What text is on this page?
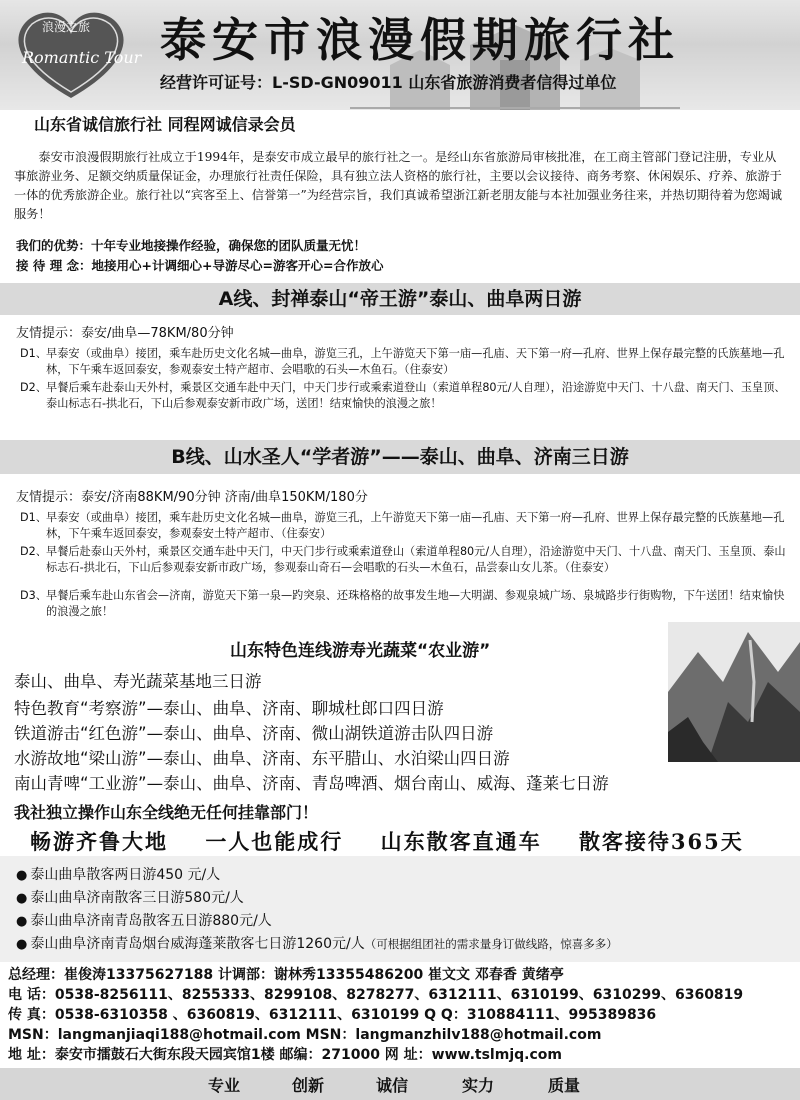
浪漫之旅
Romantic Tour 泰安市浪漫假期旅行社
经营许可证号：L-SD-GN09011 山东省旅游消费者信得过单位
山东省诚信旅行社 同程网诚信录会员

泰安市浪漫假期旅行社成立于1994年，是泰安市成立最早的旅行社之一。是经山东省旅游局审核批准，在工商主管部门登记注册，专业从事旅游业务、足额交纳质量保证金，办理旅行社责任保险，具有独立法人资格的旅行社，主要以会议接待、商务考察、休闲娱乐、疗养、旅游于一体的优秀旅游企业。旅行社以“宾客至上、信誉第一”为经营宗旨，我们真诚希望浙江新老朋友能与本社加强业务往来，并热切期待着为您竭诚服务！

我们的优势：十年专业地接操作经验，确保您的团队质量无忧！
接 待 理 念：地接用心+计调细心+导游尽心=游客开心=合作放心
A线、封禅泰山“帝王游”泰山、曲阜两日游
友情提示：泰安/曲阜—78KM/80分钟
D1、 早泰安（或曲阜）接团，乘车赴历史文化名城—曲阜，游览三孔，上午游览天下第一庙—孔庙、天下第一府—孔府、世界上保存最完整的氏族墓地—孔林，下午乘车返回泰安，参观泰安土特产超市、会唱歌的石头—木鱼石。（住泰安）
D2、 早餐后乘车赴泰山天外村，乘景区交通车赴中天门，中天门步行或乘索道登山（索道单程80元/人自理），沿途游览中天门、十八盘、南天门、玉皇顶、泰山标志石-拱北石，下山后参观泰安新市政广场，送团！结束愉快的浪漫之旅！
B线、山水圣人“学者游”——泰山、曲阜、济南三日游
友情提示：泰安/济南88KM/90分钟 济南/曲阜150KM/180分
D1、 早泰安（或曲阜）接团，乘车赴历史文化名城—曲阜，游览三孔，上午游览天下第一庙—孔庙、天下第一府—孔府、世界上保存最完整的氏族墓地—孔林，下午乘车返回泰安，参观泰安土特产超市、（住泰安）
D2、 早餐后赴泰山天外村，乘景区交通车赴中天门，中天门步行或乘索道登山（索道单程80元/人自理），沿途游览中天门、十八盘、南天门、玉皇顶、泰山标志石-拱北石，下山后参观泰安新市政广场，参观泰山奇石—会唱歌的石头—木鱼石，品尝泰山女儿茶。（住泰安）
D3、 早餐后乘车赴山东省会—济南，游览天下第一泉—趵突泉、还珠格格的故事发生地—大明湖、参观泉城广场、泉城路步行街购物，下午送团！结束愉快的浪漫之旅！
山东特色连线游寿光蔬菜“农业游”
泰山、曲阜、寿光蔬菜基地三日游
特色教育“考察游”—泰山、曲阜、济南、聊城杜郎口四日游
铁道游击“红色游”—泰山、曲阜、济南、微山湖铁道游击队四日游
水游故地“梁山游”—泰山、曲阜、济南、东平腊山、水泊梁山四日游
南山青啤“工业游”—泰山、曲阜、济南、青岛啤酒、烟台南山、威海、蓬莱七日游
我社独立操作山东全线绝无任何挂靠部门！
畅游齐鲁大地 一人也能成行 山东散客直通车 散客接待365天
● 泰山曲阜散客两日游450 元/人
● 泰山曲阜济南散客三日游580元/人
● 泰山曲阜济南青岛散客五日游880元/人
● 泰山曲阜济南青岛烟台威海蓬莱散客七日游1260元/人（可根据组团社的需求量身订做线路，惊喜多多）
总经理：崔俊涛13375627188 计调部：谢林秀13355486200 崔文文 邓春香 黄绪亭
电 话：0538-8256111、8255333、8299108、8278277、6312111、6310199、6310299、6360819
传 真：0538-6310358 、6360819、6312111、6310199 Q Q：310884111、995389836
MSN：langmanjiaqi188@hotmail.com MSN：langmanzhilv188@hotmail.com
地 址：泰安市擂鼓石大街东段天园宾馆1楼 邮编：271000 网 址：www.tslmjq.com
专业	创新	诚信	实力	质量
